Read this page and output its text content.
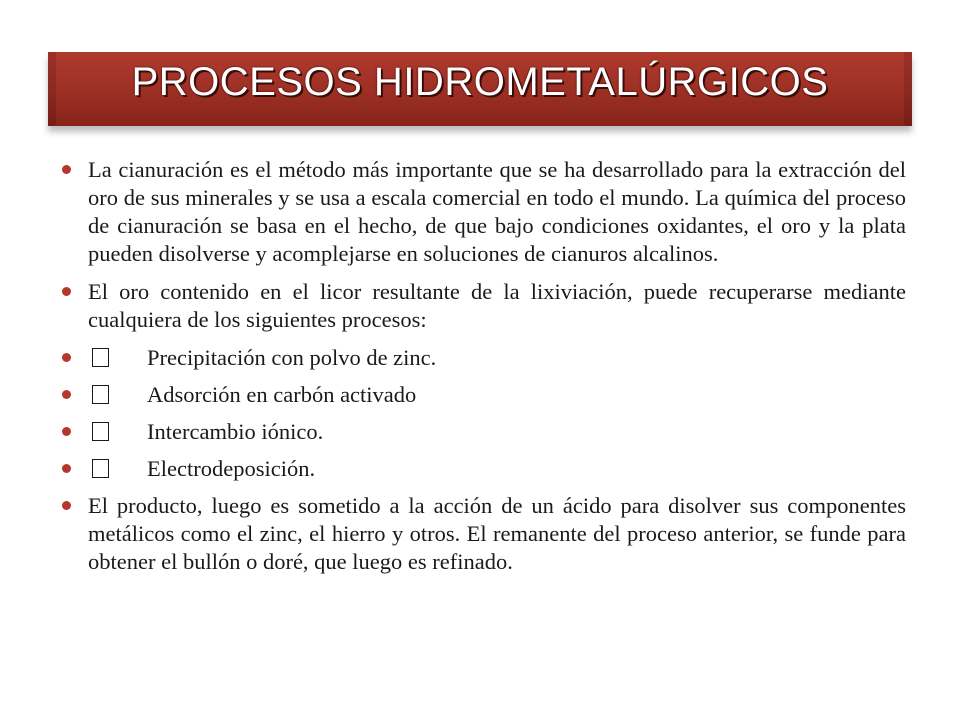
PROCESOS HIDROMETALÚRGICOS
La cianuración es el método más importante que se ha desarrollado para la extracción del oro de sus minerales y se usa a escala comercial en todo el mundo. La química del proceso de cianuración se basa en el hecho, de que bajo condiciones oxidantes, el oro y la plata pueden disolverse y acomplejarse en soluciones de cianuros alcalinos.
El oro contenido en el licor resultante de la lixiviación, puede recuperarse mediante cualquiera de los siguientes procesos:
Precipitación con polvo de zinc.
Adsorción en carbón activado
Intercambio iónico.
Electrodeposición.
El producto, luego es sometido a la acción de un ácido para disolver sus componentes metálicos como el zinc, el hierro y otros. El remanente del proceso anterior, se funde para obtener el bullón o doré, que luego es refinado.
